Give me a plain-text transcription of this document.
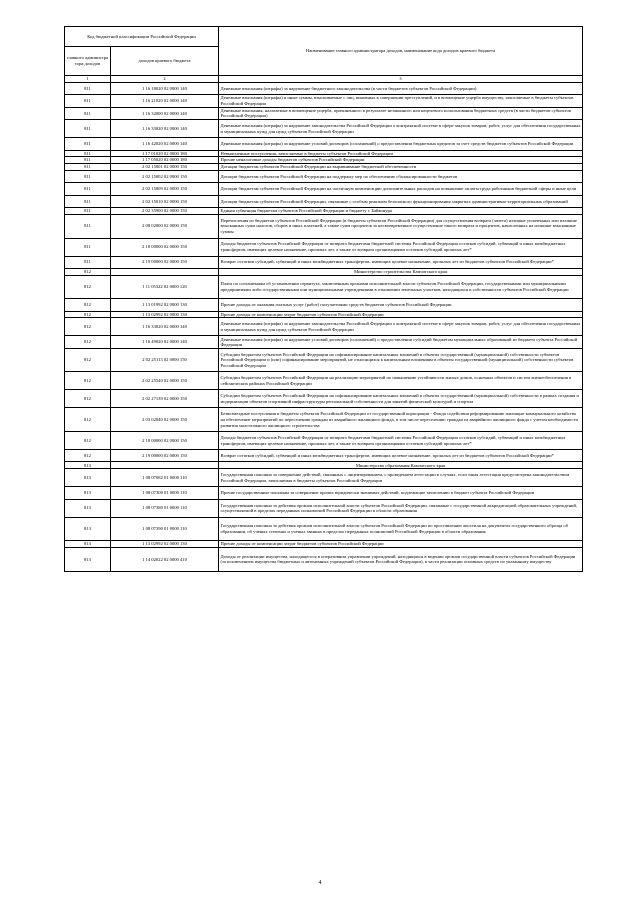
Код бюджетной классификации Российской Федерации		Наименование главного администратора доходов, наименование кода доходов краевого бюджета
главного администра тора доходов	доходов краевого бюджета	
1	2	3
811	1 16 18020 02 0000 140	Денежные взыскания (штрафы) за нарушение бюджетного законодательства (в части бюджетов субъектов Российской Федерации)
811	1 16 21020 02 0000 140	Денежные взыскания (штрафы) и иные суммы, взыскиваемые с лиц, виновных в совершении преступлений, и в возмещение ущерба имуществу, зачисляемые в бюджеты субъектов Российской Федерации
811	1 16 32000 02 0000 140	Денежные взыскания, налагаемые в возмещение ущерба, причиненного в результате незаконного или нецелевого использования бюджетных средств (в части бюджетов субъектов Российской Федерации)
811	1 16 33020 02 0000 140	Денежные взыскания (штрафы) за нарушение законодательства Российской Федерации о контрактной системе в сфере закупок товаров, работ, услуг для обеспечения государственных и муниципальных нужд для нужд субъектов Российской Федерации
811	1 16 42020 02 0000 140	Денежные взыскания (штрафы) за нарушение условий договоров (соглашений) о предоставлении бюджетных кредитов за счет средств бюджетов субъектов Российской Федерации
811	1 17 01020 02 0000 180	Невыясненные поступления, зачисляемые в бюджеты субъектов Российской Федерации
811	1 17 05020 02 0000 180	Прочие неналоговые доходы бюджетов субъектов Российской Федерации
811	2 02 15001 02 0000 150	Дотации бюджетам субъектов Российской Федерации на выравнивание бюджетной обеспеченности
811	2 02 15002 02 0000 150	Дотации бюджетам субъектов Российской Федерации на поддержку мер по обеспечению сбалансированности бюджетов
811	2 02 15009 02 0000 150	Дотации бюджетам субъектов Российской Федерации на частичную компенсацию дополнительных расходов на повышение оплаты труда работников бюджетной сферы и иные цели
811	2 02 15010 02 0000 150	Дотации бюджетам субъектов Российской Федерации, связанные с особым режимом безопасного функционирования закрытых административно-территориальных образований
811	2 02 35900 02 0000 150	Единая субвенция бюджетам субъектов Российской Федерации и бюджету г. Байконура
811	2 08 02000 02 0000 150	Перечисления из бюджетов субъектов Российской Федерации (в бюджеты субъектов Российской Федерации) для осуществления возврата (зачета) излишне уплаченных или излишне взысканных сумм налогов, сборов и иных платежей, а также сумм процентов за несвоевременное осуществление такого возврата и процентов, начисленных на излишне взысканные суммы
811	2 18 00000 02 0000 150	Доходы бюджетов субъектов Российской Федерации от возврата бюджетами бюджетной системы Российской Федерации остатков субсидий, субвенций и иных межбюджетных трансфертов, имеющих целевое назначение, прошлых лет, а также от возврата организациями остатков субсидий прошлых лет*
811	2 19 00000 02 0000 150	Возврат остатков субсидий, субвенций и иных межбюджетных трансфертов, имеющих целевое назначение, прошлых лет из бюджетов субъектов Российской Федерации*
812		Министерство строительства Камчатского края
812	1 11 05322 02 0000 120	Плата по соглашениям об установлении сервитута, заключенным органами исполнительной власти субъектов Российской Федерации, государственными или муниципальными предприятиями либо государственными или муниципальными учреждениями в отношении земельных участков, находящихся в собственности субъектов Российской Федерации
812	1 13 01992 02 0000 130	Прочие доходы от оказания платных услуг (работ) получателями средств бюджетов субъектов Российской Федерации
812	1 13 02992 02 0000 130	Прочие доходы от компенсации затрат бюджетов субъектов Российской Федерации
812	1 16 33020 02 0000 140	Денежные взыскания (штрафы) за нарушение законодательства Российской Федерации о контрактной системе в сфере закупок товаров, работ, услуг для обеспечения государственных и муниципальных нужд для нужд субъектов Российской Федерации
812	1 16 49020 02 0000 140	Денежные взыскания (штрафы) за нарушение условий договоров (соглашений) о предоставлении субсидий бюджетам муниципальных образований из бюджета субъекта Российской Федерации
812	2 02 25113 02 0000 150	Субсидии бюджетам субъектов Российской Федерации на софинансирование капитальных вложений в объекты государственной (муниципальной) собственности субъектов Российской Федерации и (или) софинансирование мероприятий, не относящихся к капитальным вложениям в объекты государственной (муниципальной) собственности субъектов Российской Федерации
812	2 02 25540 02 0000 150	Субсидии бюджетам субъектов Российской Федерации на реализацию мероприятий по повышению устойчивости жилых домов, основных объектов и систем жизнеобеспечения в сейсмических районах Российской Федерации
812	2 02 27139 02 0000 150	Субсидии бюджетам субъектов Российской Федерации на софинансирование капитальных вложений в объекты государственной (муниципальной) собственности в рамках создания и модернизации объектов спортивной инфраструктуры региональной собственности для занятий физической культурой и спортом
812	2 03 02040 02 0000 150	Безвозмездные поступления в бюджеты субъектов Российской Федерации от государственной корпорации - Фонда содействия реформированию жилищно-коммунального хозяйства на обеспечение мероприятий по переселению граждан из аварийного жилищного фонда, в том числе переселению граждан из аварийного жилищного фонда с учетом необходимости развития малоэтажного жилищного строительства
812	2 18 00000 02 0000 150	Доходы бюджетов субъектов Российской Федерации от возврата бюджетами бюджетной системы Российской Федерации остатков субсидий, субвенций и иных межбюджетных трансфертов, имеющих целевое назначение, прошлых лет, а также от возврата организациями остатков субсидий прошлых лет*
812	2 19 00000 02 0000 150	Возврат остатков субсидий, субвенций и иных межбюджетных трансфертов, имеющих целевое назначение, прошлых лет из бюджетов субъектов Российской Федерации*
813		Министерство образования Камчатского края
813	1 08 07082 01 0000 110	Государственная пошлина за совершение действий, связанных с лицензированием, с проведением аттестации в случаях, если такая аттестация предусмотрена законодательством Российской Федерации, зачисляемая в бюджеты субъектов Российской Федерации
813	1 08 07300 01 0000 110	Прочие государственные пошлины за совершение прочих юридически значимых действий, подлежащие зачислению в бюджет субъекта Российской Федерации
813	1 08 07380 01 0000 110	Государственная пошлина за действия органов исполнительной власти субъектов Российской Федерации, связанные с государственной аккредитацией образовательных учреждений, осуществляемой в пределах переданных полномочий Российской Федерации в области образования
813	1 08 07390 01 0000 110	Государственная пошлина за действия органов исполнительной власти субъектов Российской Федерации по проставлению апостиля на документах государственного образца об образовании, об ученых степенях и ученых званиях в пределах переданных полномочий Российской Федерации в области образования
813	1 13 02992 02 0000 130	Прочие доходы от компенсации затрат бюджетов субъектов Российской Федерации
813	1 14 02022 02 0000 410	Доходы от реализации имущества, находящегося в оперативном управлении учреждений, находящихся в ведении органов государственной власти субъектов Российской Федерации (за исключением имущества бюджетных и автономных учреждений субъектов Российской Федерации), в части реализации основных средств по указанному имуществу
4
